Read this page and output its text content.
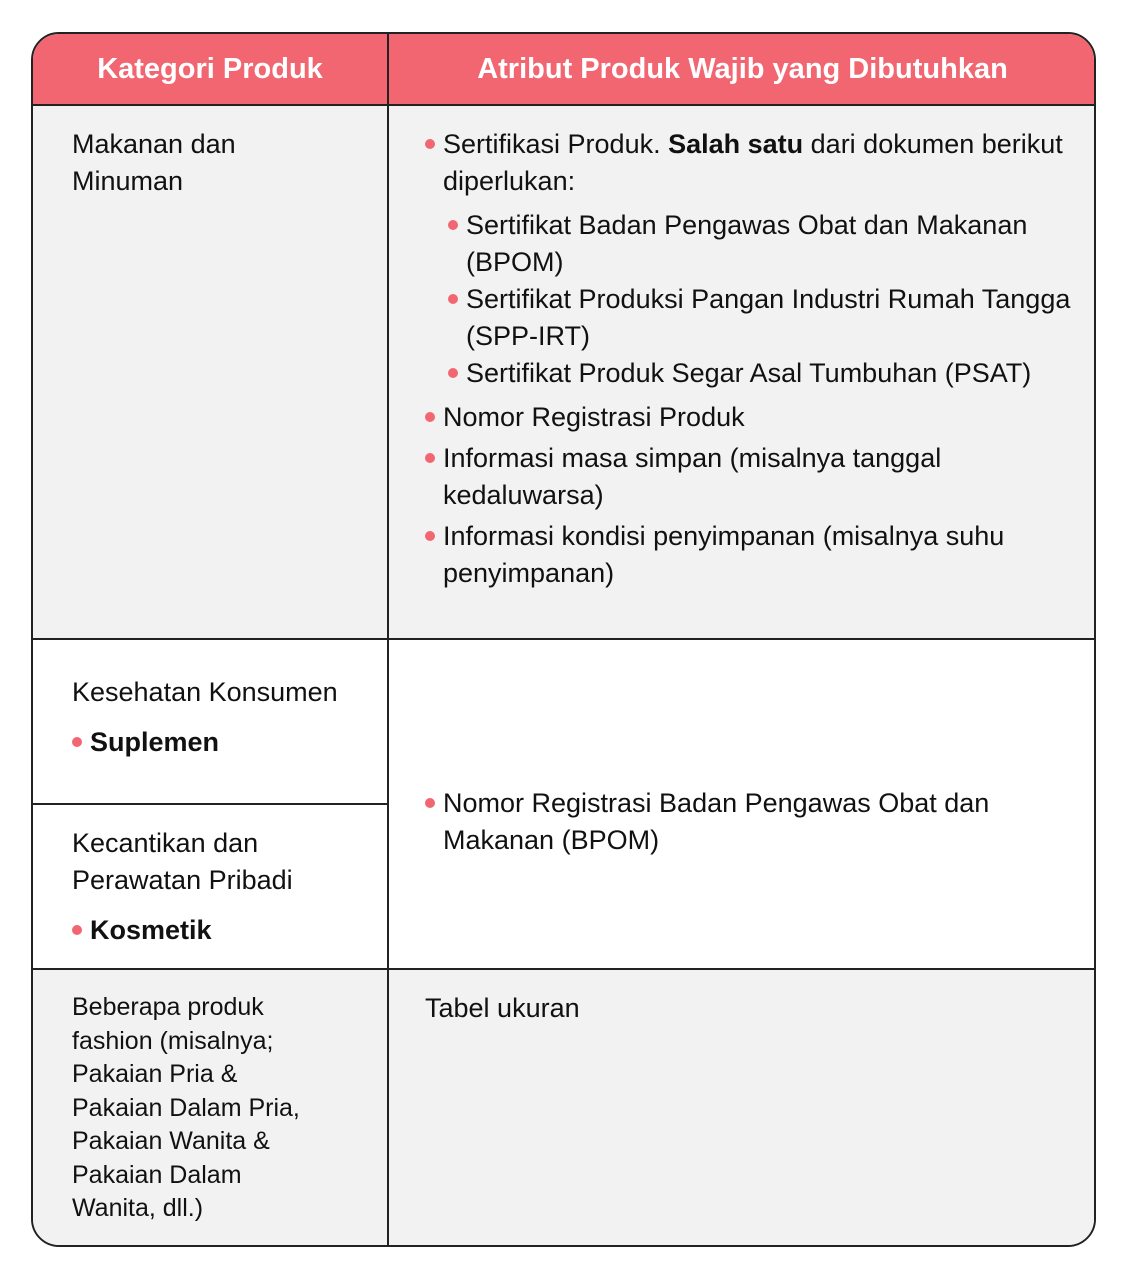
Kategori Produk	Atribut Produk Wajib yang Dibutuhkan
Makanan dan Minuman
Sertifikasi Produk. Salah satu dari dokumen berikut diperlukan:
Sertifikat Badan Pengawas Obat dan Makanan (BPOM)
Sertifikat Produksi Pangan Industri Rumah Tangga (SPP-IRT)
Sertifikat Produk Segar Asal Tumbuhan (PSAT)
Nomor Registrasi Produk
Informasi masa simpan (misalnya tanggal kedaluwarsa)
Informasi kondisi penyimpanan (misalnya suhu penyimpanan)
Kesehatan Konsumen
Suplemen
Kecantikan dan Perawatan Pribadi
Kosmetik
Nomor Registrasi Badan Pengawas Obat dan Makanan (BPOM)
Beberapa produk fashion (misalnya; Pakaian Pria & Pakaian Dalam Pria, Pakaian Wanita & Pakaian Dalam Wanita, dll.)
Tabel ukuran
